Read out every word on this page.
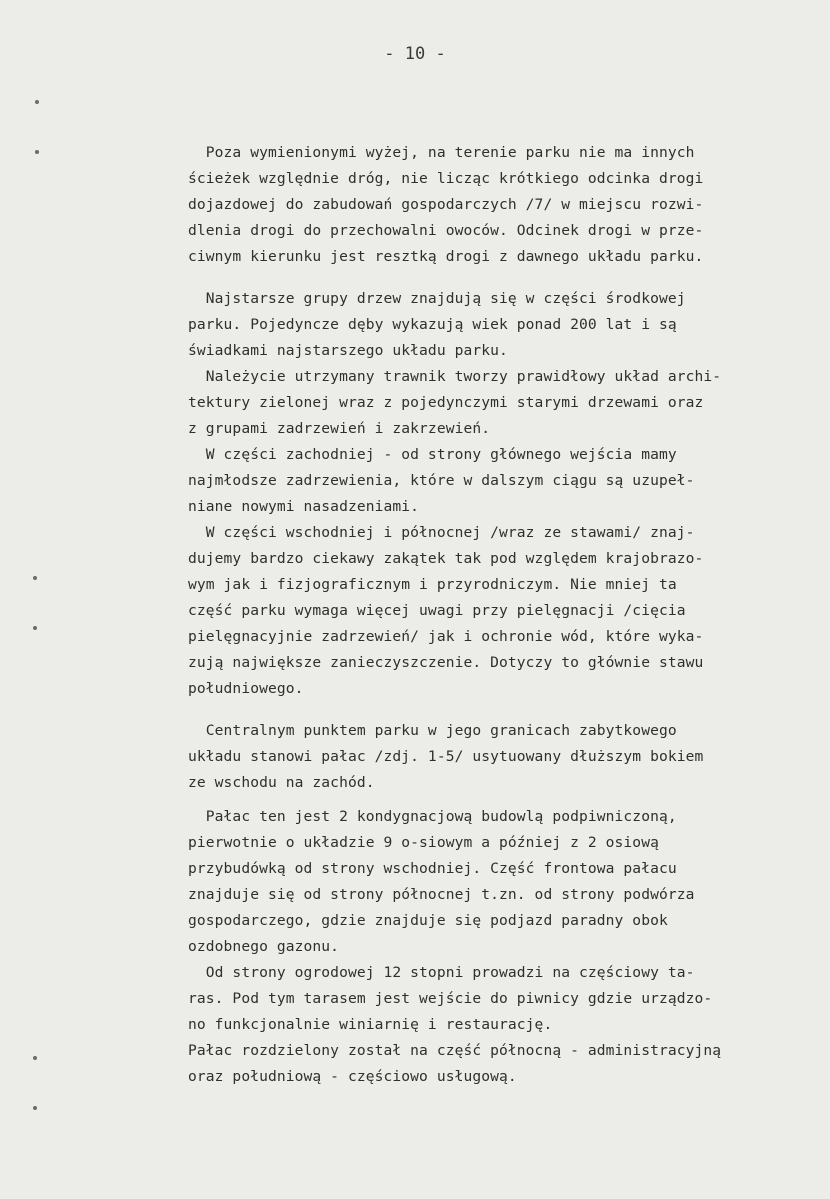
- 10 -
Poza wymienionymi wyżej, na terenie parku nie ma innych
ścieżek względnie dróg, nie licząc krótkiego odcinka drogi
dojazdowej do zabudowań gospodarczych /7/ w miejscu rozwi-
dlenia drogi do przechowalni owoców. Odcinek drogi w prze-
ciwnym kierunku jest resztką drogi z dawnego układu parku.
Najstarsze grupy drzew znajdują się w części środkowej
parku. Pojedyncze dęby wykazują wiek ponad 200 lat i są
świadkami najstarszego układu parku.
Należycie utrzymany trawnik tworzy prawidłowy układ archi-
tektury zielonej wraz z pojedynczymi starymi drzewami oraz
z grupami zadrzewień i zakrzewień.
W części zachodniej - od strony głównego wejścia mamy
najmłodsze zadrzewienia, które w dalszym ciągu są uzupeł-
niane nowymi nasadzeniami.
W części wschodniej i północnej /wraz ze stawami/ znaj-
dujemy bardzo ciekawy zakątek tak pod względem krajobrazo-
wym jak i fizjograficznym i przyrodniczym. Nie mniej ta
część parku wymaga więcej uwagi przy pielęgnacji /cięcia
pielęgnacyjnie zadrzewień/ jak i ochronie wód, które wyka-
zują największe zanieczyszczenie. Dotyczy to głównie stawu
południowego.
Centralnym punktem parku w jego granicach zabytkowego
układu stanowi pałac /zdj. 1-5/ usytuowany dłuższym bokiem
ze wschodu na zachód.
Pałac ten jest 2 kondygnacjową budowlą podpiwniczoną,
pierwotnie o układzie 9 o-siowym a później z 2 osiową
przybudówką od strony wschodniej. Część frontowa pałacu
znajduje się od strony północnej t.zn. od strony podwórza
gospodarczego, gdzie znajduje się podjazd paradny obok
ozdobnego gazonu.
Od strony ogrodowej 12 stopni prowadzi na częściowy ta-
ras. Pod tym tarasem jest wejście do piwnicy gdzie urządzo-
no funkcjonalnie winiarnię i restaurację.
Pałac rozdzielony został na część północną - administracyjną
oraz południową - częściowo usługową.
